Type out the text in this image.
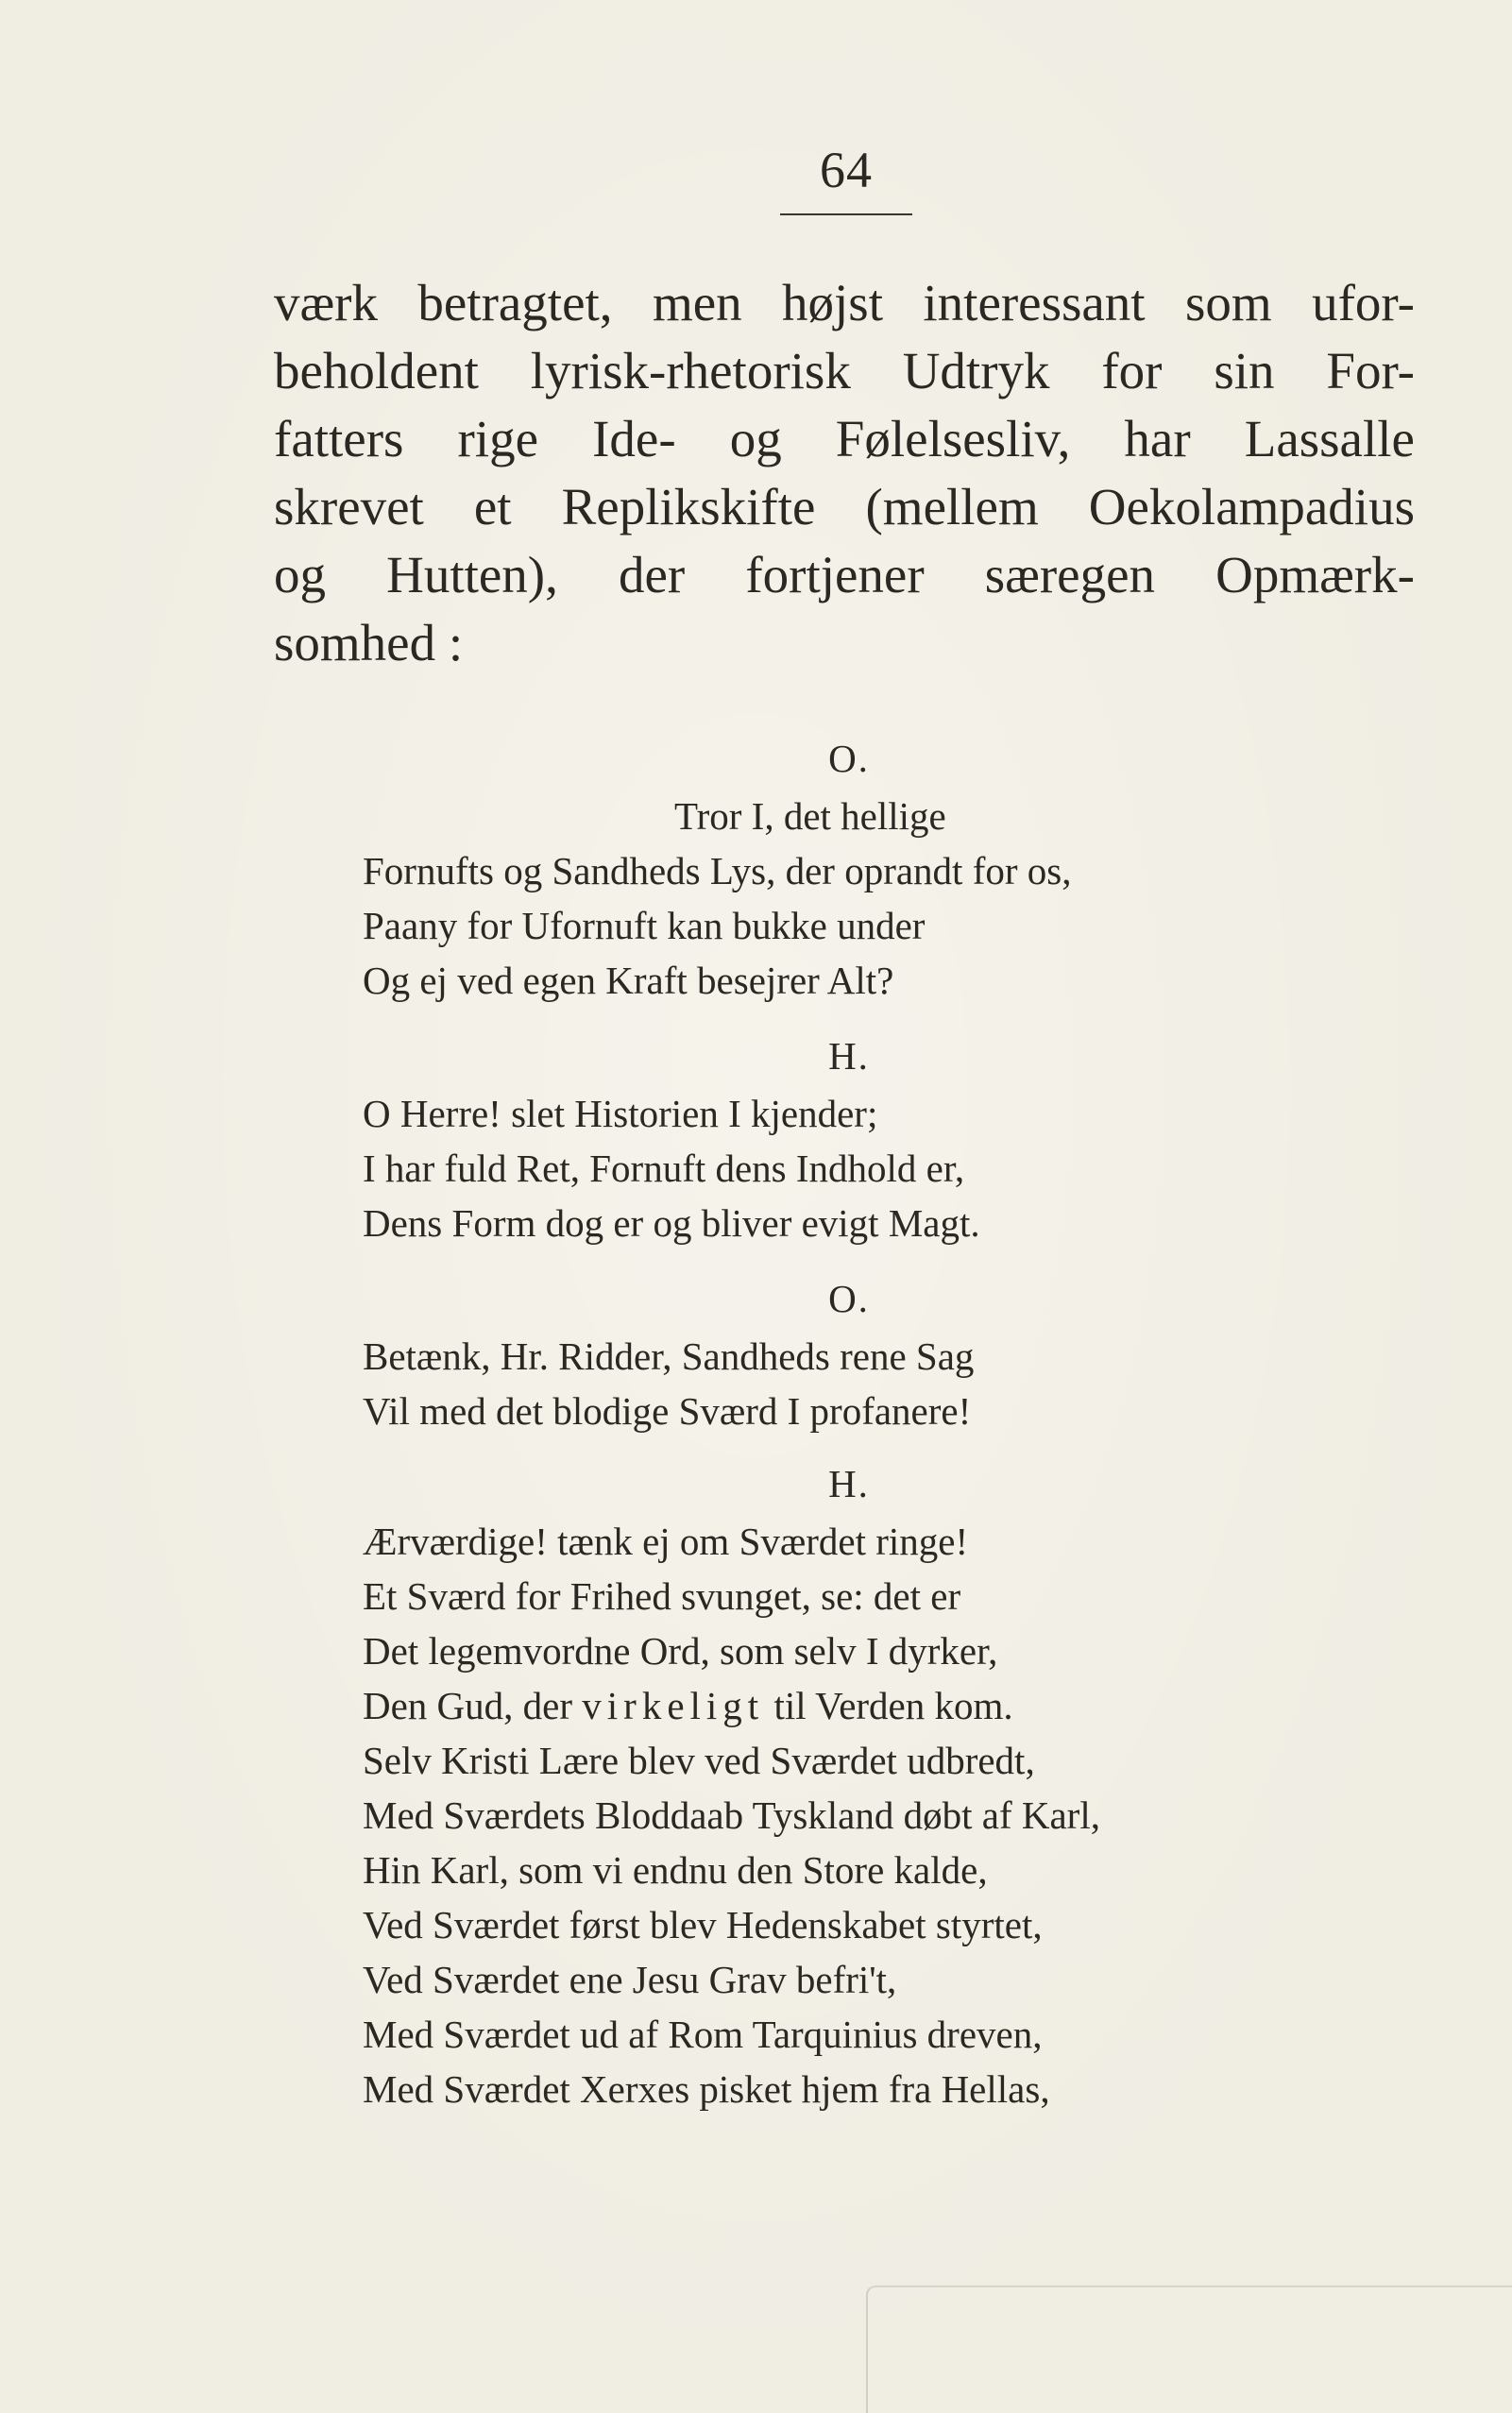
64
værk betragtet, men højst interessant som ufor-
beholdent lyrisk-rhetorisk Udtryk for sin For-
fatters rige Ide- og Følelsesliv, har Lassalle
skrevet et Replikskifte (mellem Oekolampadius
og Hutten), der fortjener særegen Opmærk-
somhed :
O.
Tror I, det hellige
Fornufts og Sandheds Lys, der oprandt for os,
Paany for Ufornuft kan bukke under
Og ej ved egen Kraft besejrer Alt?
H.
O Herre! slet Historien I kjender;
I har fuld Ret, Fornuft dens Indhold er,
Dens Form dog er og bliver evigt Magt.
O.
Betænk, Hr. Ridder, Sandheds rene Sag
Vil med det blodige Sværd I profanere!
H.
Ærværdige! tænk ej om Sværdet ringe!
Et Sværd for Frihed svunget, se: det er
Det legemvordne Ord, som selv I dyrker,
Den Gud, der virkeligt til Verden kom.
Selv Kristi Lære blev ved Sværdet udbredt,
Med Sværdets Bloddaab Tyskland døbt af Karl,
Hin Karl, som vi endnu den Store kalde,
Ved Sværdet først blev Hedenskabet styrtet,
Ved Sværdet ene Jesu Grav befri't,
Med Sværdet ud af Rom Tarquinius dreven,
Med Sværdet Xerxes pisket hjem fra Hellas,
